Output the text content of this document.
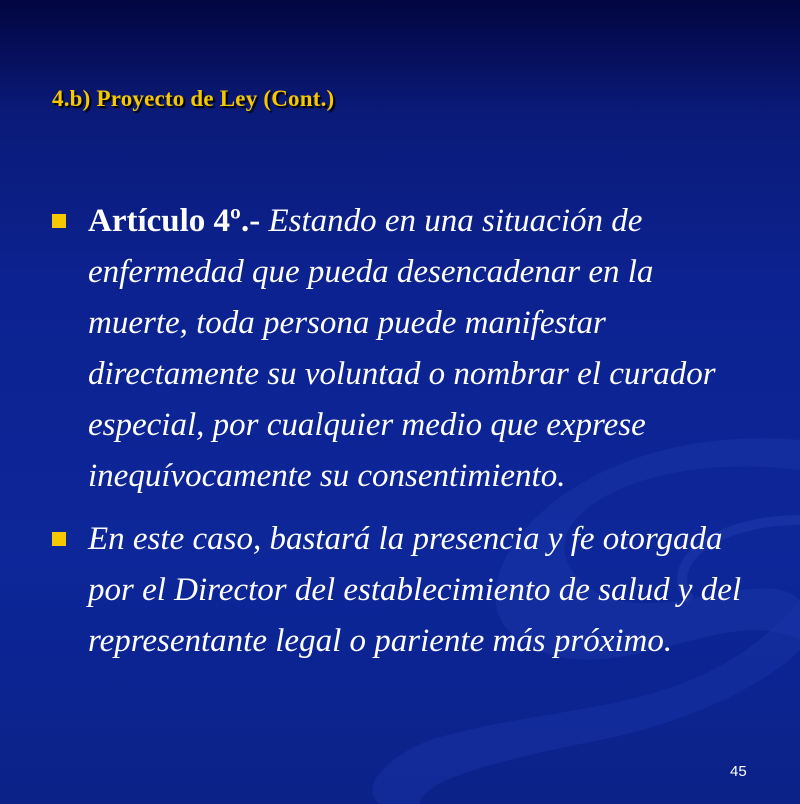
4.b) Proyecto de Ley (Cont.)
Artículo 4º.- Estando en una situación de enfermedad que pueda desencadenar en la muerte, toda persona puede manifestar directamente su voluntad o nombrar el curador especial, por cualquier medio que exprese inequívocamente su consentimiento.
En este caso, bastará la presencia y fe otorgada por el Director del establecimiento de salud y del representante legal o pariente más próximo.
45
